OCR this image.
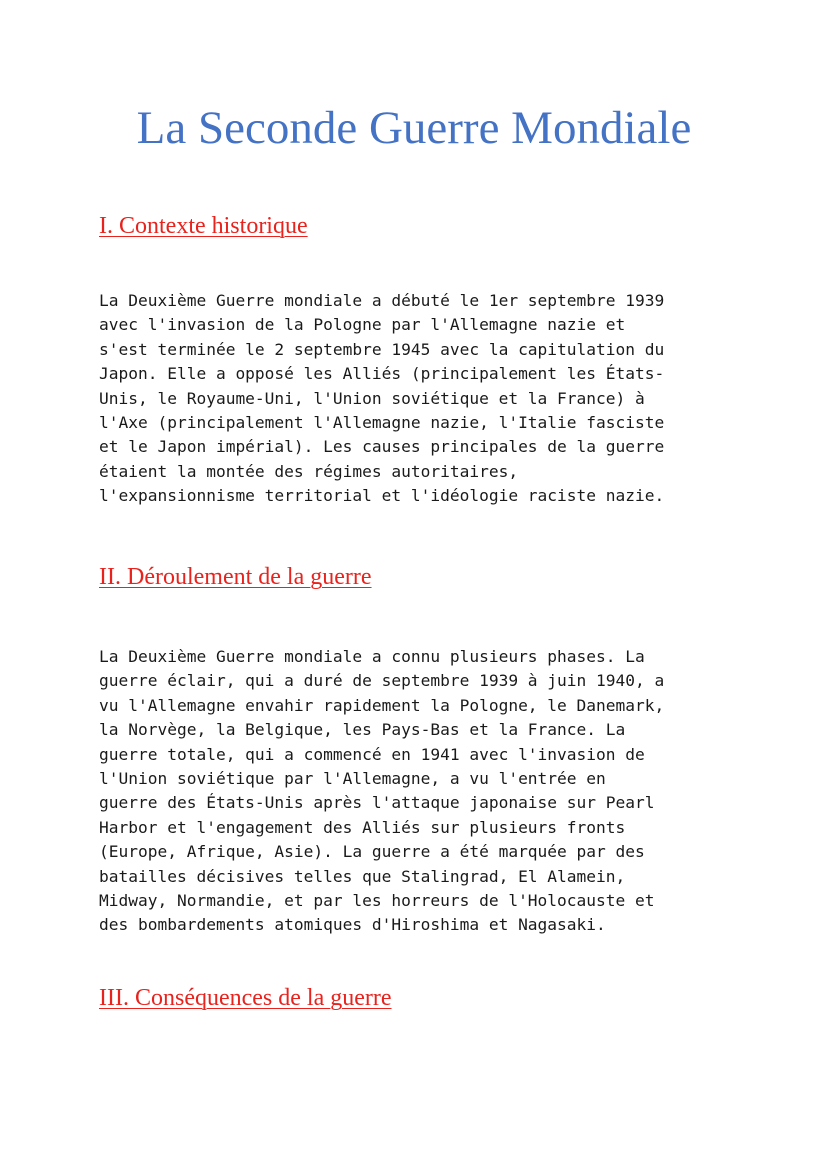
La Seconde Guerre Mondiale
I. Contexte historique
La Deuxième Guerre mondiale a débuté le 1er septembre 1939
avec l'invasion de la Pologne par l'Allemagne nazie et
s'est terminée le 2 septembre 1945 avec la capitulation du
Japon. Elle a opposé les Alliés (principalement les États-
Unis, le Royaume-Uni, l'Union soviétique et la France) à
l'Axe (principalement l'Allemagne nazie, l'Italie fasciste
et le Japon impérial). Les causes principales de la guerre
étaient la montée des régimes autoritaires,
l'expansionnisme territorial et l'idéologie raciste nazie.
II. Déroulement de la guerre
La Deuxième Guerre mondiale a connu plusieurs phases. La
guerre éclair, qui a duré de septembre 1939 à juin 1940, a
vu l'Allemagne envahir rapidement la Pologne, le Danemark,
la Norvège, la Belgique, les Pays-Bas et la France. La
guerre totale, qui a commencé en 1941 avec l'invasion de
l'Union soviétique par l'Allemagne, a vu l'entrée en
guerre des États-Unis après l'attaque japonaise sur Pearl
Harbor et l'engagement des Alliés sur plusieurs fronts
(Europe, Afrique, Asie). La guerre a été marquée par des
batailles décisives telles que Stalingrad, El Alamein,
Midway, Normandie, et par les horreurs de l'Holocauste et
des bombardements atomiques d'Hiroshima et Nagasaki.
III. Conséquences de la guerre
